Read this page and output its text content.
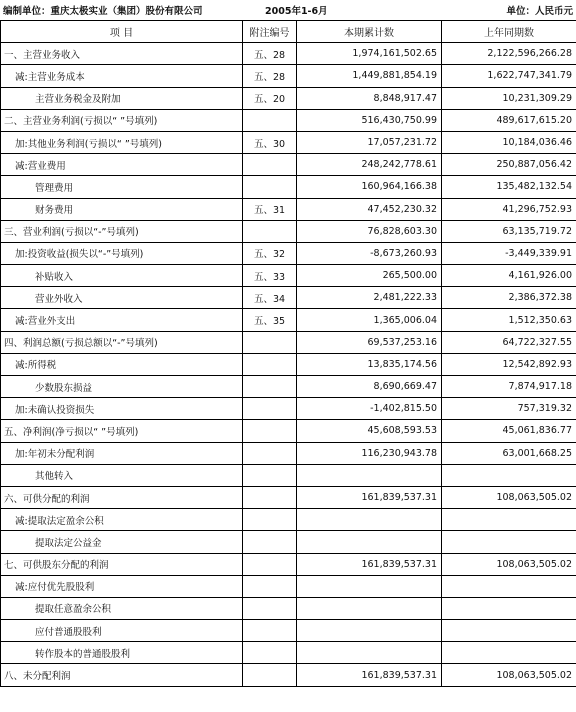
编制单位：重庆太极实业（集团）股份有限公司	2005年1-6月	单位：人民币元
项 目	附注编号	本期累计数	上年同期数
一、主营业务收入	五、28	1,974,161,502.65	2,122,596,266.28
减:主营业务成本	五、28	1,449,881,854.19	1,622,747,341.79
主营业务税金及附加	五、20	8,848,917.47	10,231,309.29
二、主营业务利润(亏损以“ ”号填列)		516,430,750.99	489,617,615.20
加:其他业务利润(亏损以“ ”号填列)	五、30	17,057,231.72	10,184,036.46
减:营业费用		248,242,778.61	250,887,056.42
管理费用		160,964,166.38	135,482,132.54
财务费用	五、31	47,452,230.32	41,296,752.93
三、营业利润(亏损以“-”号填列)		76,828,603.30	63,135,719.72
加:投资收益(损失以“-”号填列)	五、32	-8,673,260.93	-3,449,339.91
补贴收入	五、33	265,500.00	4,161,926.00
营业外收入	五、34	2,481,222.33	2,386,372.38
减:营业外支出	五、35	1,365,006.04	1,512,350.63
四、利润总额(亏损总额以“-”号填列)		69,537,253.16	64,722,327.55
减:所得税		13,835,174.56	12,542,892.93
少数股东损益		8,690,669.47	7,874,917.18
加:未确认投资损失		-1,402,815.50	757,319.32
五、净利润(净亏损以“ ”号填列)		45,608,593.53	45,061,836.77
加:年初未分配利润		116,230,943.78	63,001,668.25
其他转入			
六、可供分配的利润		161,839,537.31	108,063,505.02
减:提取法定盈余公积			
提取法定公益金			
七、可供股东分配的利润		161,839,537.31	108,063,505.02
减:应付优先股股利			
提取任意盈余公积			
应付普通股股利			
转作股本的普通股股利			
八、未分配利润		161,839,537.31	108,063,505.02
